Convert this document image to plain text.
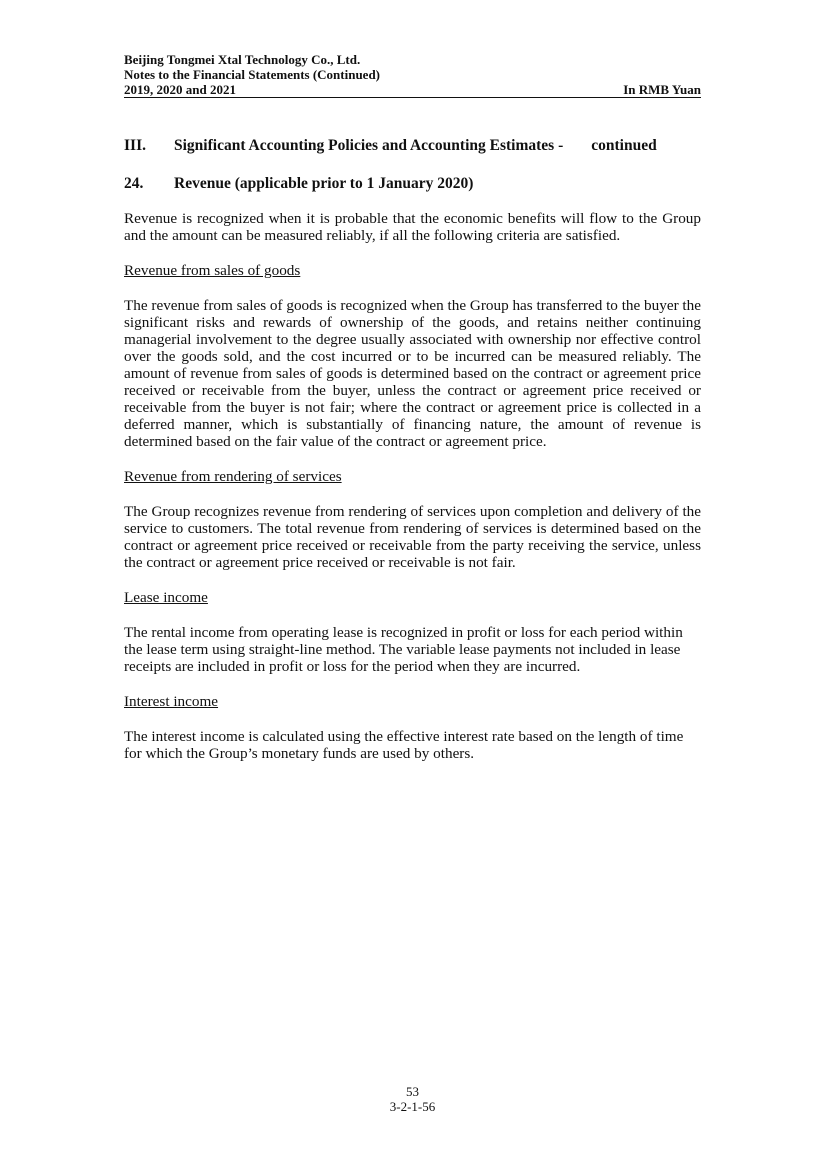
Beijing Tongmei Xtal Technology Co., Ltd.
Notes to the Financial Statements (Continued)
2019, 2020 and 2021	In RMB Yuan
III.	Significant Accounting Policies and Accounting Estimates - continued
24.	Revenue (applicable prior to 1 January 2020)

Revenue is recognized when it is probable that the economic benefits will flow to the Group and the amount can be measured reliably, if all the following criteria are satisfied.

Revenue from sales of goods

The revenue from sales of goods is recognized when the Group has transferred to the buyer the significant risks and rewards of ownership of the goods, and retains neither continuing managerial involvement to the degree usually associated with ownership nor effective control over the goods sold, and the cost incurred or to be incurred can be measured reliably. The amount of revenue from sales of goods is determined based on the contract or agreement price received or receivable from the buyer, unless the contract or agreement price received or receivable from the buyer is not fair; where the contract or agreement price is collected in a deferred manner, which is substantially of financing nature, the amount of revenue is determined based on the fair value of the contract or agreement price.

Revenue from rendering of services

The Group recognizes revenue from rendering of services upon completion and delivery of the service to customers. The total revenue from rendering of services is determined based on the contract or agreement price received or receivable from the party receiving the service, unless the contract or agreement price received or receivable is not fair.

Lease income

The rental income from operating lease is recognized in profit or loss for each period within the lease term using straight-line method. The variable lease payments not included in lease receipts are included in profit or loss for the period when they are incurred.

Interest income

The interest income is calculated using the effective interest rate based on the length of time for which the Group’s monetary funds are used by others.

53
3-2-1-56
